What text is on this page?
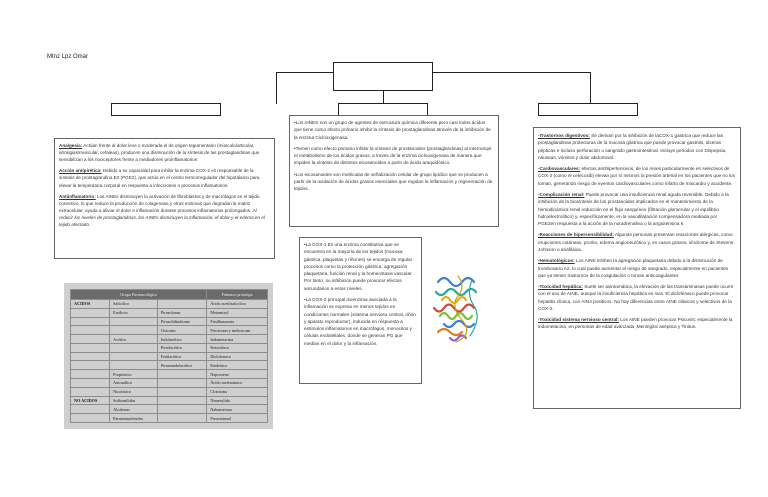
Mtnz Lpz Omar

Analgesia: Actúan frente al dolor leve o moderada el de origen tegumentario (músculo/articular, artralgias/muscular, cefaleas), producen una disminución de la síntesis de las prostaglandinas que sensibilizan a los nociceptores frente a mediadores proinflamatorios

Acción antipirética: Debido a su capacidad para inhibir la enzima COX-2 es responsable de la síntesis de prostaglandina E2 (PGE2), que actúa en el centro termorregulador del hipotálamo para elevar la temperatura corporal en respuesta a infecciones o procesos inflamatorios.

Antiinflamatorio: Los AINEs disminuyen la activación de fibroblastos y de macrófagos en el tejido conectivo, lo que reduce la producción de colagenasa y otras enzimas que degradan la matriz extracelular, ayuda a aliviar el dolor e inflamación durante procesos inflamatorios prolongados. Al reducir los niveles de prostaglandinas, los AINEs disminuyen la inflamación, el dolor y el edema en el tejido afectado.

Grupo Farmacológico			Fármaco prototipo
ACIDOS	Salicilico		Ácido acetilsalicilico
	Enólicos	Pirazolonas	Metamizol
		Pirazolidindionas	Fenilbutazona
		Oxicams	Piroxicam y meloxicam
	Acético	Indolacético	Indometacina
		Pirrolacético	Ketorolaco
		Fenilacético	Diclofenaco
		Piranoindolacético	Etodolaco
	Propiónico		Naproxeno
	Antranílico		Ácido mefenámico
	Nicotínico		Clonixina
NO ACIDOS	Sulfoanilidas		Nimesulida
	Alcalonas		Nabumetona
	Paraaminofenoles		Paracetamol

•Los AINES son un grupo de agentes de estructura química diferente pero casi todos ácidos que tiene como efecto primario inhibir la síntesis de prostaglandinas através de la inhibición de la enzima Ciclooxigenasa.

•Tienen como efecto primario inhibir la síntesis de prostanoides (prostaglandinas) al interrumpir el metabolismo de los ácidos grasos, a través de la enzima ciclooxigenasa de manera que impiden la síntesis de distintos eicosanoides a partir de ácido araquidónico.

•Los eicosanoides son moléculas de señalización celular de grupo lipídico que se producen a partir de la oxidación de ácidos grasos esenciales que regulan la inflamación y regeneración de tejidos.

•La COX-1 Es una enzima constitutiva que se encuentra en la mayoría de los tejidos (mucosa gástrica, plaquetas y riñones) se encarga de regular procesos como la protección gástrica, agregación plaquetaria, función renal y la homeostasis vascular. Por tanto, su inhibición puede provocar efectos secundarios a estos niveles.

•La COX-2 principal isoenzima asociada a la inflamación se expresa en menos tejidos en condiciones normales (sistema nervioso central, riñón y aparato reproductor), inducida en respuesta a estímulos inflamatorios en macrófagos, monocitos y células endoteliales, donde se generan PG que median en el dolor y la inflamación.

-Trastornos digestivos: Se derivan por la inhibición de laCOX-1 gástrica que reduce las prostaglandinas protectoras de la mucosa gástrica que puede provocar gastritis, úlceras pépticas e incluso perforación o sangrado gastrointestinal. Incluye periodos con Dispepsia, náuseas, vómitos y dolor abdominal.

-Cardiovasculares: efectos antihipertensivos, de los Aines particularmente en selectivos de COX-2 (como el celecoxib) elevan por sí mismos la presión arterial en los pacientes que no los toman, generando riesgo de eventos cardiovasculares como infarto de miocardio y accidente.

-Complicación renal: Puede provocar una insuficiencia renal aguda reversible. Debido a la inhibición de la biosíntesis de los prostanoides implicados en el mantenimiento de la hemodinámica renal reducción en el flujo sanguíneo (filtración glomerular y el equilibrio hidroelectrolítico) y, específicamente, en la vasodilatación compensadora mediada por PGE2en respuesta a la acción de la noradrenalina o la angiotensina II.

-Reacciones de hipersensibilidad: Algunas personas presentan reacciones alérgicas, como erupciones cutáneas, prurito, edema angioneurótico y, en casos graves, síndrome de Stevens-Johnson o anafilaxia.

-Hematológicos: Los AINE inhiben la agregación plaquetaria debido a la disminución de tromboxano A2, lo cual puede aumentar el riesgo de sangrado, especialmente en pacientes que ya tienen trastornos de la coagulación o toman anticoagulantes

-Toxicidad hepática: Suele ser asintomática, la elevación de las transaminasas puede ocurrir con el uso de AINE, aunque la insuficiencia hepática es rara. El diclofenaco puede provocar hepatitis clínica, con AINA positivos. No hay diferencias entre AINE clásicos y selectivos de la COX-2.

-Toxicidad sistema nervioso central: Los AINE pueden provocar Psicosis: especialmente la indometacina, en personas de edad avanzada ,Meningitis aséptica y Tinitus.
